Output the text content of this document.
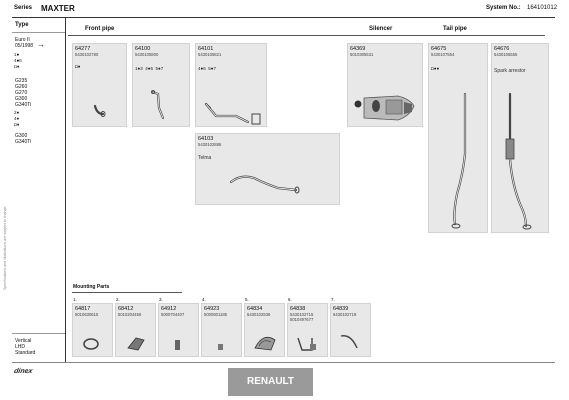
Series MAXTER	System No.: 164101012
Specifications and illustrations are subject to change
Type
Euro II
05/1998 →
1●
4●6
◘●
G235
G260
G270
G300
G340Ti
2●
4●
◘●
G300
G340Ti
Vertical
LHD
Standard
Front pipe	Silencer	Tail pipe
64277
5430102780
◘●
64100
5430105800
1●3  4●6  5●7
64101
5430105821
4●6  5●7
64103
5430102886
Telma
64369
5010305531
64675
5430107554
◘●●
64676
5430105555
Spark arrestor
Mounting Parts
1.
64817
5010630615
2.
68412
5010204456
3.
64912
5000704407
4.
64923
5000601185
5.
64834
5430102938
6.
64838
5430102715
5010497677
7.
64839
5430102719
dinex
RENAULT
